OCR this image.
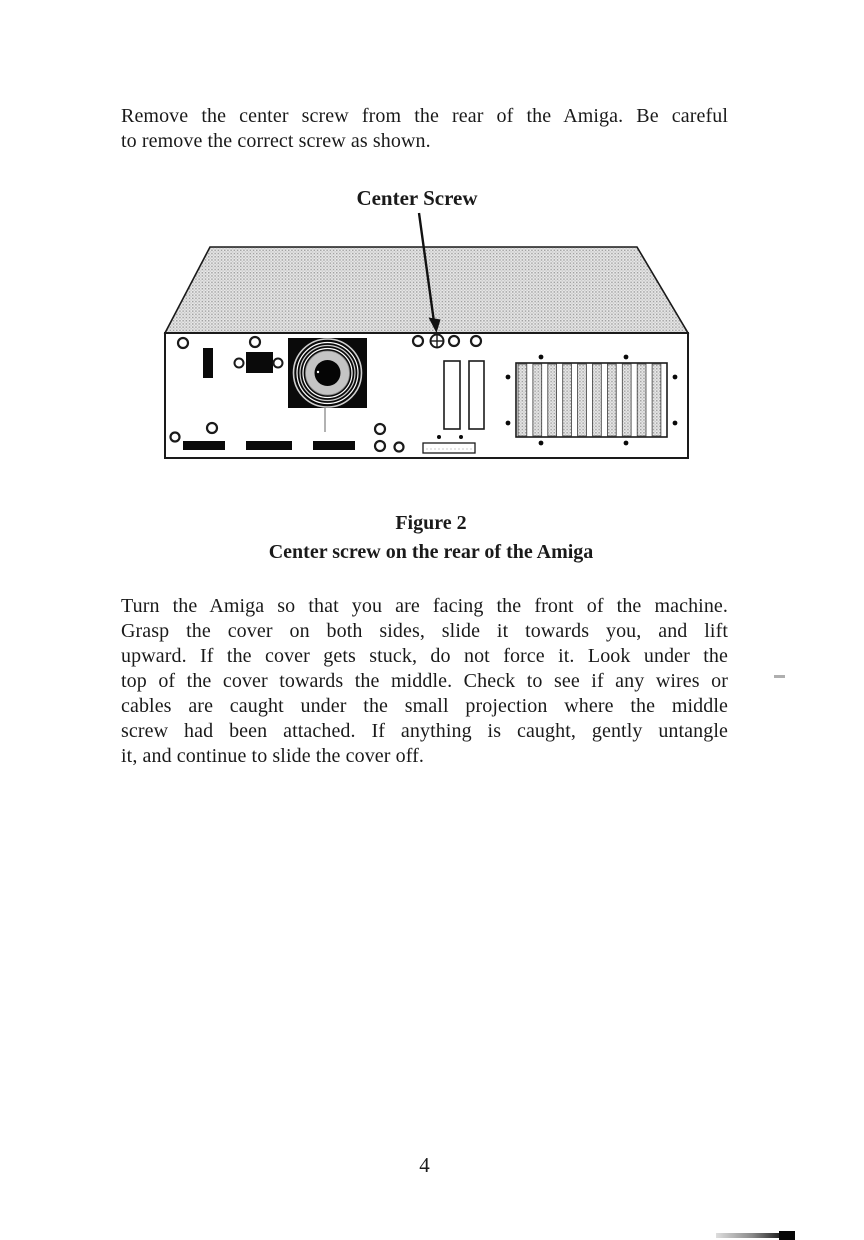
Remove the center screw from the rear of the Amiga. Be careful
to remove the correct screw as shown.
Center Screw
Figure 2
Center screw on the rear of the Amiga
Turn the Amiga so that you are facing the front of the machine.
Grasp the cover on both sides, slide it towards you, and lift
upward. If the cover gets stuck, do not force it. Look under the
top of the cover towards the middle. Check to see if any wires or
cables are caught under the small projection where the middle
screw had been attached. If anything is caught, gently untangle
it, and continue to slide the cover off.
4
